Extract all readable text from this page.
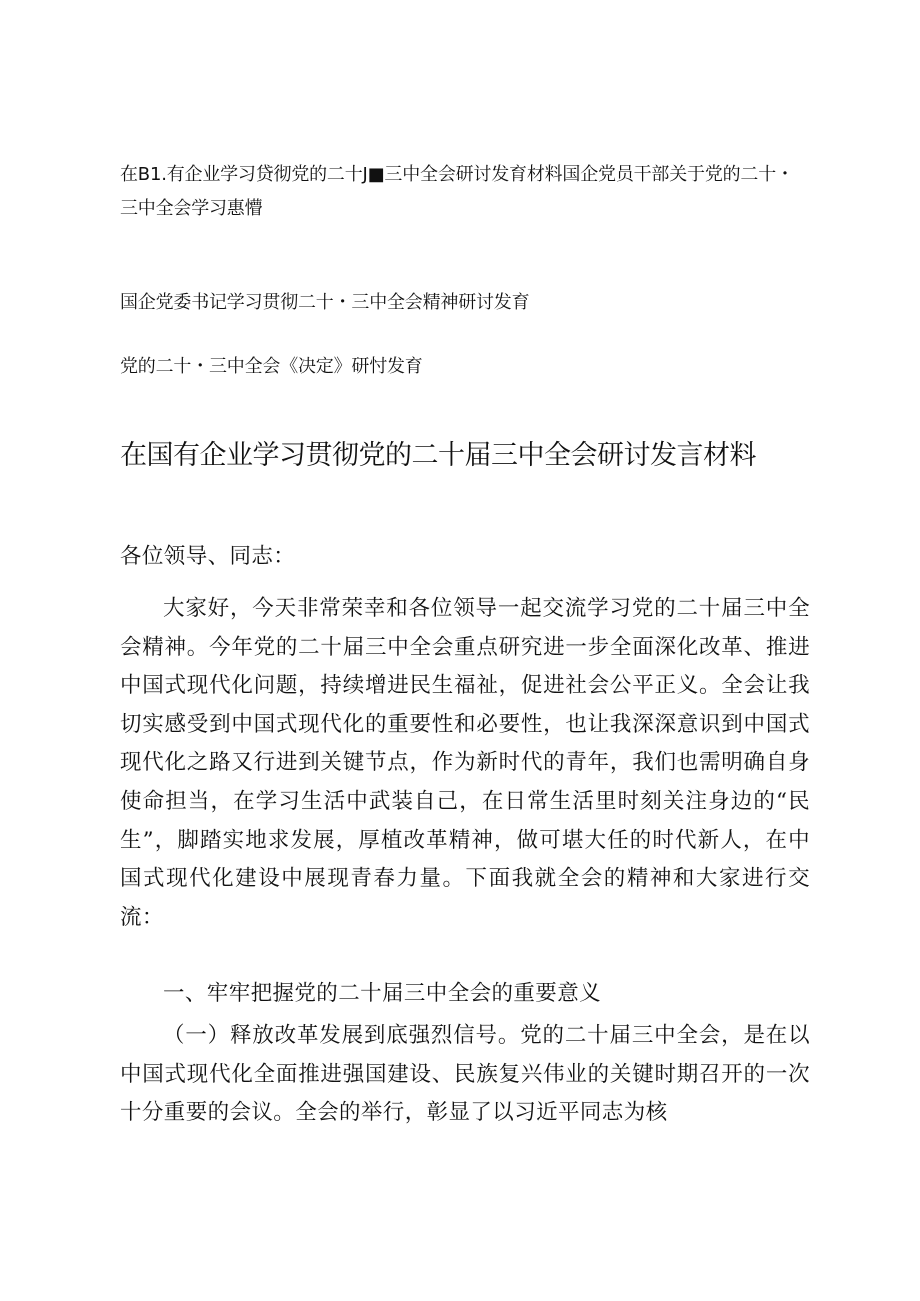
在B1.有企业学习贷彻党的二十J■三中全会研讨发育材料国企党员干部关于党的二十・三中全会学习惠懵
国企党委书记学习贯彻二十・三中全会精神研讨发育
党的二十・三中全会《决定》研忖发育
在国有企业学习贯彻党的二十届三中全会研讨发言材料
各位领导、同志：
大家好，今天非常荣幸和各位领导一起交流学习党的二十届三中全会精神。今年党的二十届三中全会重点研究进一步全面深化改革、推进中国式现代化问题，持续增进民生福祉，促进社会公平正义。全会让我切实感受到中国式现代化的重要性和必要性，也让我深深意识到中国式现代化之路又行进到关键节点，作为新时代的青年，我们也需明确自身使命担当，在学习生活中武装自己，在日常生活里时刻关注身边的“民生”，脚踏实地求发展，厚植改革精神，做可堪大任的时代新人，在中国式现代化建设中展现青春力量。下面我就全会的精神和大家进行交流：
一、牢牢把握党的二十届三中全会的重要意义
（一）释放改革发展到底强烈信号。党的二十届三中全会，是在以中国式现代化全面推进强国建设、民族复兴伟业的关键时期召开的一次十分重要的会议。全会的举行，彰显了以习近平同志为核
